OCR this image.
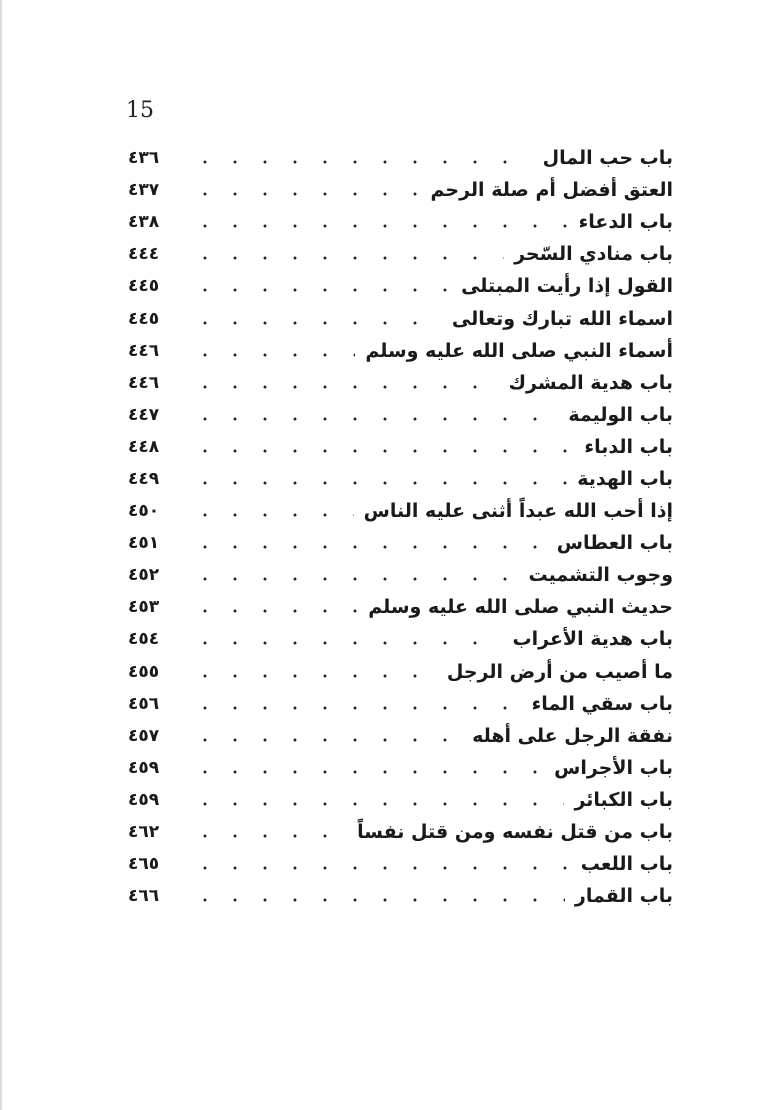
15
باب حب المال
٤٣٦
العتق أفضل أم صلة الرحم
٤٣٧
باب الدعاء
٤٣٨
باب منادي السّحر
٤٤٤
القول إذا رأيت المبتلى
٤٤٥
اسماء الله تبارك وتعالى
٤٤٥
أسماء النبي صلى الله عليه وسلم
٤٤٦
باب هدية المشرك
٤٤٦
باب الوليمة
٤٤٧
باب الدباء
٤٤٨
باب الهدية
٤٤٩
إذا أحب الله عبداً أثنى عليه الناس
٤٥٠
باب العطاس
٤٥١
وجوب التشميت
٤٥٢
حديث النبي صلى الله عليه وسلم
٤٥٣
باب هدية الأعراب
٤٥٤
ما أصيب من أرض الرجل
٤٥٥
باب سقي الماء
٤٥٦
نفقة الرجل على أهله
٤٥٧
باب الأجراس
٤٥٩
باب الكبائر
٤٥٩
باب من قتل نفسه ومن قتل نفساً
٤٦٢
باب اللعب
٤٦٥
باب القمار
٤٦٦
